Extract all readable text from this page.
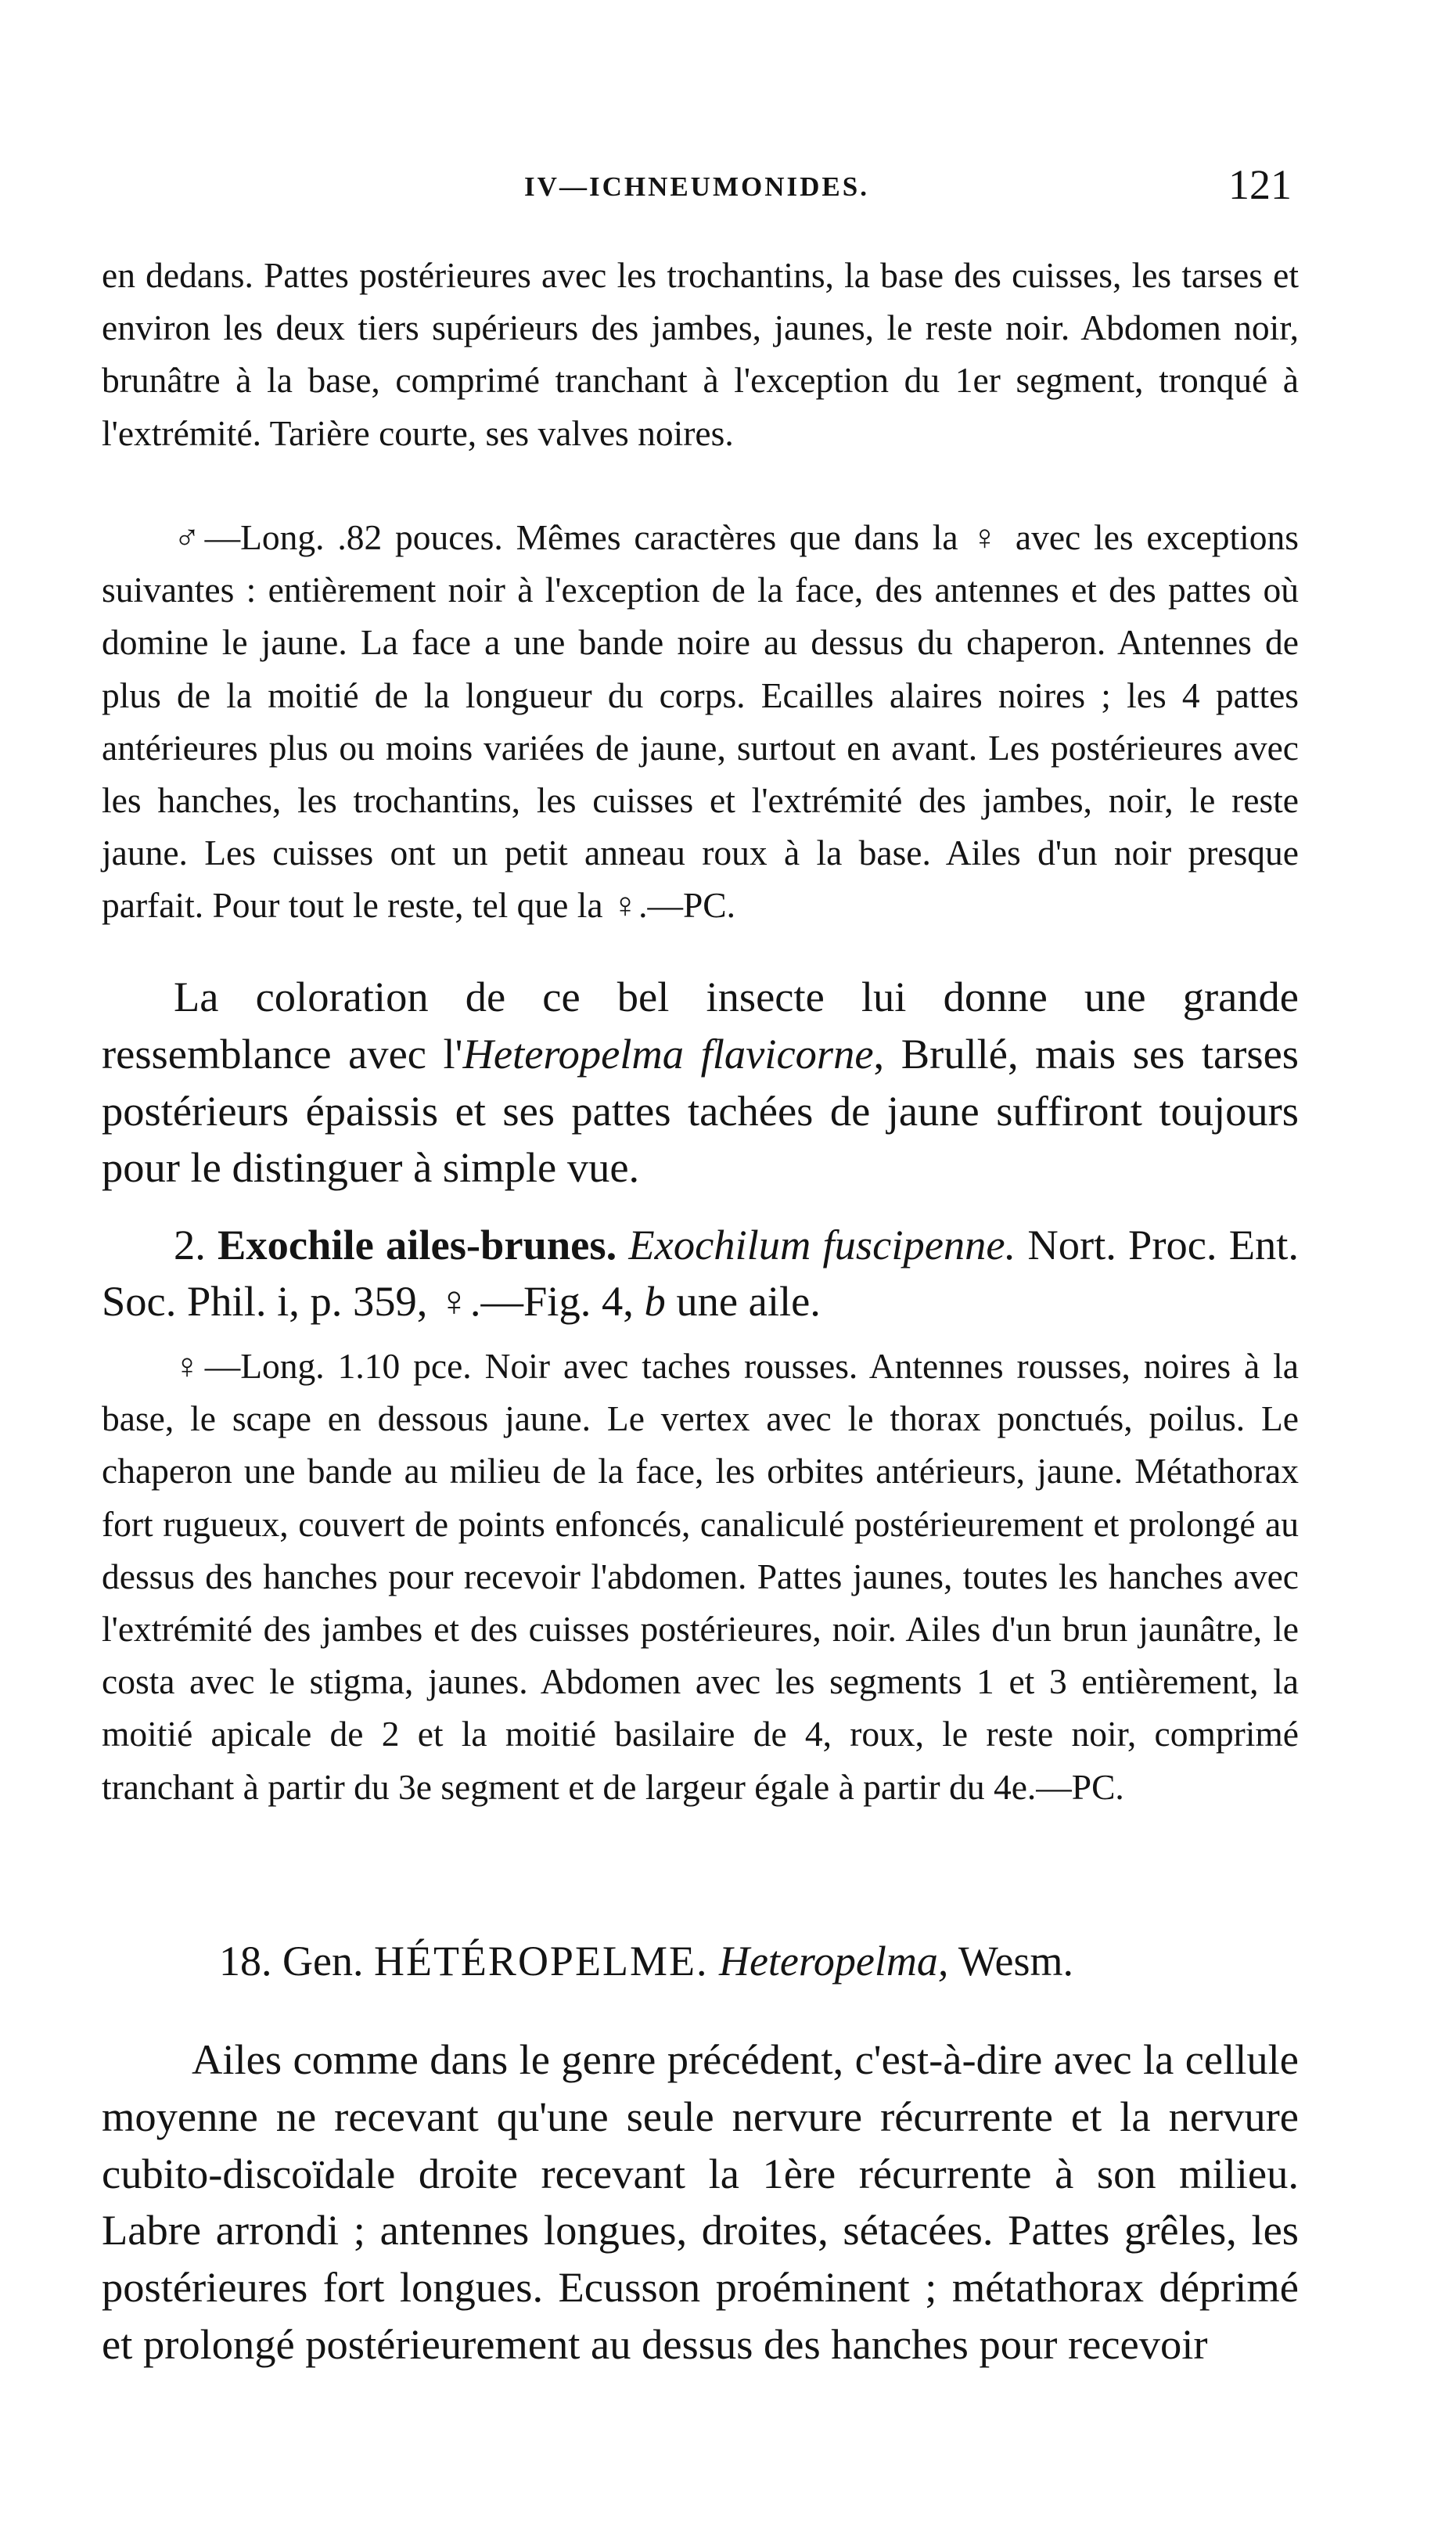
IV—ICHNEUMONIDES.	121

en dedans. Pattes postérieures avec les trochantins, la base des cuisses, les tarses et environ les deux tiers supérieurs des jambes, jaunes, le reste noir. Abdomen noir, brunâtre à la base, comprimé tranchant à l'exception du 1er segment, tronqué à l'extrémité. Tarière courte, ses valves noires.

♂—Long. .82 pouces. Mêmes caractères que dans la ♀ avec les exceptions suivantes : entièrement noir à l'exception de la face, des antennes et des pattes où domine le jaune. La face a une bande noire au dessus du chaperon. Antennes de plus de la moitié de la longueur du corps. Ecailles alaires noires ; les 4 pattes antérieures plus ou moins variées de jaune, surtout en avant. Les postérieures avec les hanches, les trochantins, les cuisses et l'extrémité des jambes, noir, le reste jaune. Les cuisses ont un petit anneau roux à la base. Ailes d'un noir presque parfait. Pour tout le reste, tel que la ♀.—PC.

La coloration de ce bel insecte lui donne une grande ressemblance avec l'Heteropelma flavicorne, Brullé, mais ses tarses postérieurs épaissis et ses pattes tachées de jaune suffiront toujours pour le distinguer à simple vue.

2. Exochile ailes-brunes. Exochilum fuscipenne. Nort. Proc. Ent. Soc. Phil. i, p. 359, ♀.—Fig. 4, b une aile.

♀—Long. 1.10 pce. Noir avec taches rousses. Antennes rousses, noires à la base, le scape en dessous jaune. Le vertex avec le thorax ponctués, poilus. Le chaperon une bande au milieu de la face, les orbites antérieurs, jaune. Métathorax fort rugueux, couvert de points enfoncés, canaliculé postérieurement et prolongé au dessus des hanches pour recevoir l'abdomen. Pattes jaunes, toutes les hanches avec l'extrémité des jambes et des cuisses postérieures, noir. Ailes d'un brun jaunâtre, le costa avec le stigma, jaunes. Abdomen avec les segments 1 et 3 entièrement, la moitié apicale de 2 et la moitié basilaire de 4, roux, le reste noir, comprimé tranchant à partir du 3e segment et de largeur égale à partir du 4e.—PC.

18. Gen. HÉTÉROPELME. Heteropelma, Wesm.

Ailes comme dans le genre précédent, c'est-à-dire avec la cellule moyenne ne recevant qu'une seule nervure récurrente et la nervure cubito-discoïdale droite recevant la 1ère récurrente à son milieu. Labre arrondi ; antennes longues, droites, sétacées. Pattes grêles, les postérieures fort longues. Ecusson proéminent ; métathorax déprimé et prolongé postérieurement au dessus des hanches pour recevoir
